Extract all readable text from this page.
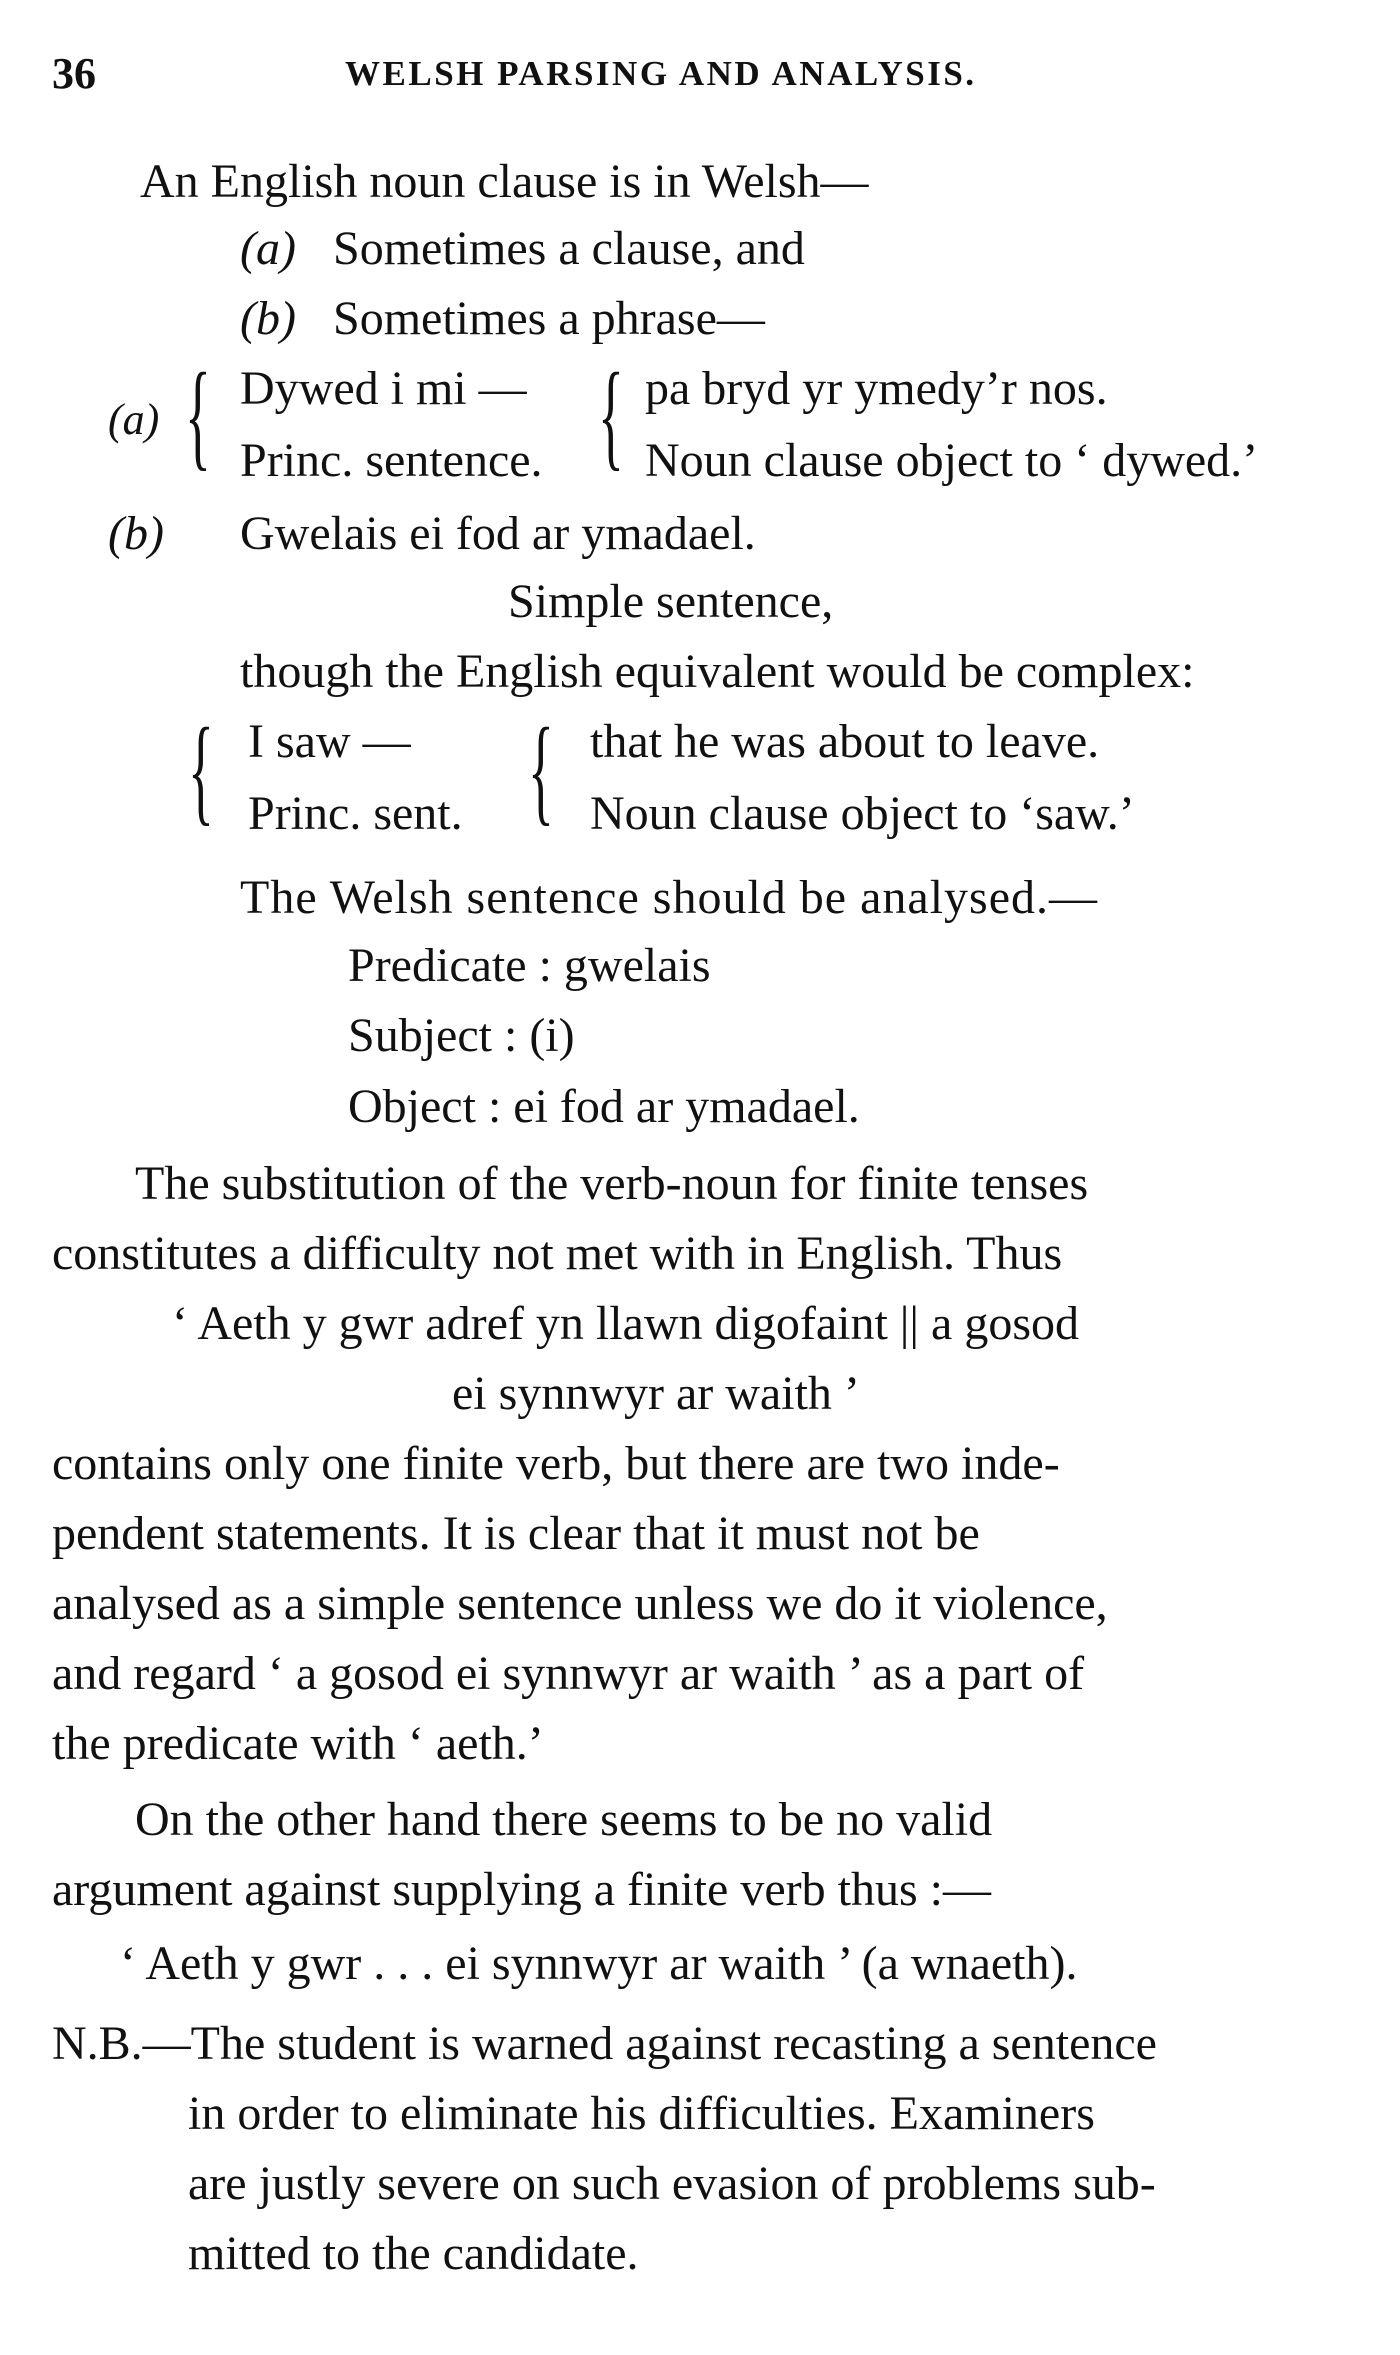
36	WELSH PARSING AND ANALYSIS.
An English noun clause is in Welsh—
(a) Sometimes a clause, and
(b) Sometimes a phrase—
(a) { Dywed i mi —
Princ. sentence. { pa bryd yr ymedy’r nos.
Noun clause object to ‘ dywed.’
(b) Gwelais ei fod ar ymadael.
Simple sentence,
though the English equivalent would be complex:
{ I saw —
Princ. sent. { that he was about to leave.
Noun clause object to ‘saw.’
The Welsh sentence should be analysed.—
Predicate : gwelais
Subject : (i)
Object : ei fod ar ymadael.
The substitution of the verb-noun for finite tenses
constitutes a difficulty not met with in English. Thus
‘ Aeth y gwr adref yn llawn digofaint || a gosod
ei synnwyr ar waith ’
contains only one finite verb, but there are two inde-
pendent statements. It is clear that it must not be
analysed as a simple sentence unless we do it violence,
and regard ‘ a gosod ei synnwyr ar waith ’ as a part of
the predicate with ‘ aeth.’
On the other hand there seems to be no valid
argument against supplying a finite verb thus :—
‘ Aeth y gwr . . . ei synnwyr ar waith ’ (a wnaeth).
N.B.—The student is warned against recasting a sentence
in order to eliminate his difficulties. Examiners
are justly severe on such evasion of problems sub-
mitted to the candidate.
